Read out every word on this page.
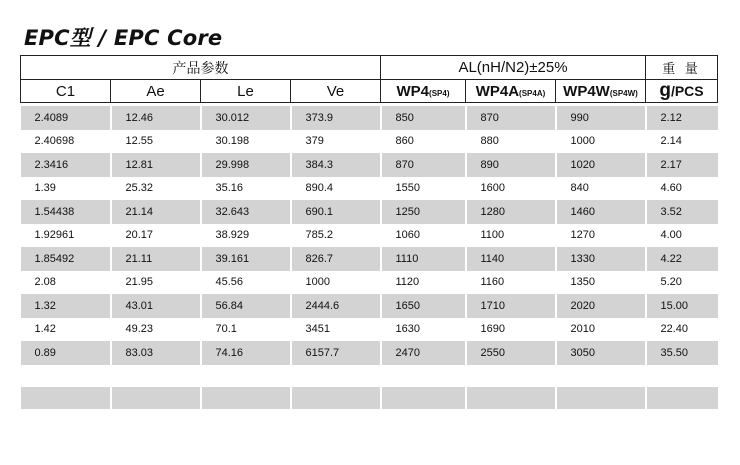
EPC型 / EPC Core
产品参数				AL(nH/N2)±25%			重 量
C1	Ae	Le	Ve	WP4(SP4)	WP4A(SP4A)	WP4W(SP4W)	g/PCS

2.4089	12.46	30.012	373.9	850	870	990	2.12
2.40698	12.55	30.198	379	860	880	1000	2.14
2.3416	12.81	29.998	384.3	870	890	1020	2.17
1.39	25.32	35.16	890.4	1550	1600	840	4.60
1.54438	21.14	32.643	690.1	1250	1280	1460	3.52
1.92961	20.17	38.929	785.2	1060	1100	1270	4.00
1.85492	21.11	39.161	826.7	1110	1140	1330	4.22
2.08	21.95	45.56	1000	1120	1160	1350	5.20
1.32	43.01	56.84	2444.6	1650	1710	2020	15.00
1.42	49.23	70.1	3451	1630	1690	2010	22.40
0.89	83.03	74.16	6157.7	2470	2550	3050	35.50
